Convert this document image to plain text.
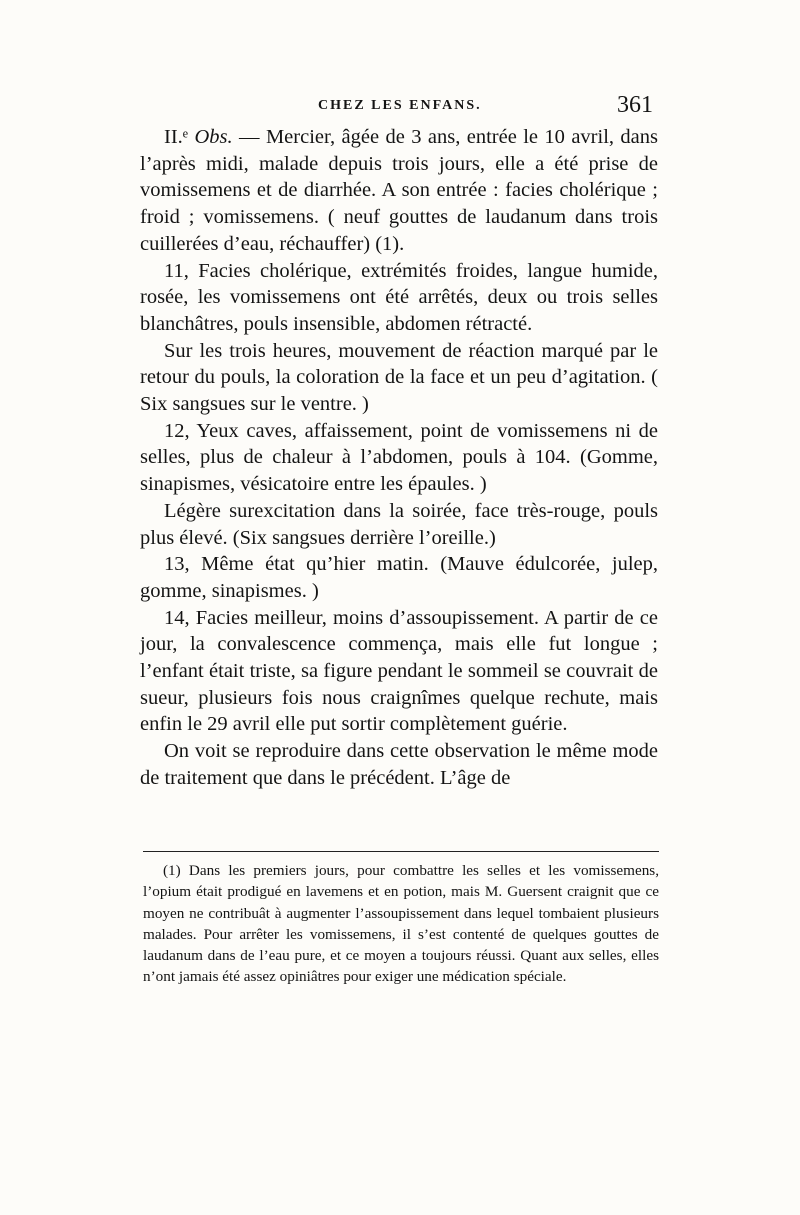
CHEZ LES ENFANS.	361

II.ᵉ Obs. — Mercier, âgée de 3 ans, entrée le 10 avril, dans l’après midi, malade depuis trois jours, elle a été prise de vomissemens et de diarrhée. A son entrée : facies cholérique ; froid ; vomissemens. ( neuf gouttes de laudanum dans trois cuillerées d’eau, réchauffer) (1).

11, Facies cholérique, extrémités froides, langue humide, rosée, les vomissemens ont été arrêtés, deux ou trois selles blanchâtres, pouls insensible, abdomen rétracté.

Sur les trois heures, mouvement de réaction marqué par le retour du pouls, la coloration de la face et un peu d’agitation. ( Six sangsues sur le ventre. )

12, Yeux caves, affaissement, point de vomissemens ni de selles, plus de chaleur à l’abdomen, pouls à 104. (Gomme, sinapismes, vésicatoire entre les épaules. )

Légère surexcitation dans la soirée, face très-rouge, pouls plus élevé. (Six sangsues derrière l’oreille.)

13, Même état qu’hier matin. (Mauve édulcorée, julep, gomme, sinapismes. )

14, Facies meilleur, moins d’assoupissement. A partir de ce jour, la convalescence commença, mais elle fut longue ; l’enfant était triste, sa figure pendant le sommeil se couvrait de sueur, plusieurs fois nous craignîmes quelque rechute, mais enfin le 29 avril elle put sortir complètement guérie.

On voit se reproduire dans cette observation le même mode de traitement que dans le précédent. L’âge de

(1) Dans les premiers jours, pour combattre les selles et les vomissemens, l’opium était prodigué en lavemens et en potion, mais M. Guersent craignit que ce moyen ne contribuât à augmenter l’assoupissement dans lequel tombaient plusieurs malades. Pour arrêter les vomissemens, il s’est contenté de quelques gouttes de laudanum dans de l’eau pure, et ce moyen a toujours réussi. Quant aux selles, elles n’ont jamais été assez opiniâtres pour exiger une médication spéciale.
